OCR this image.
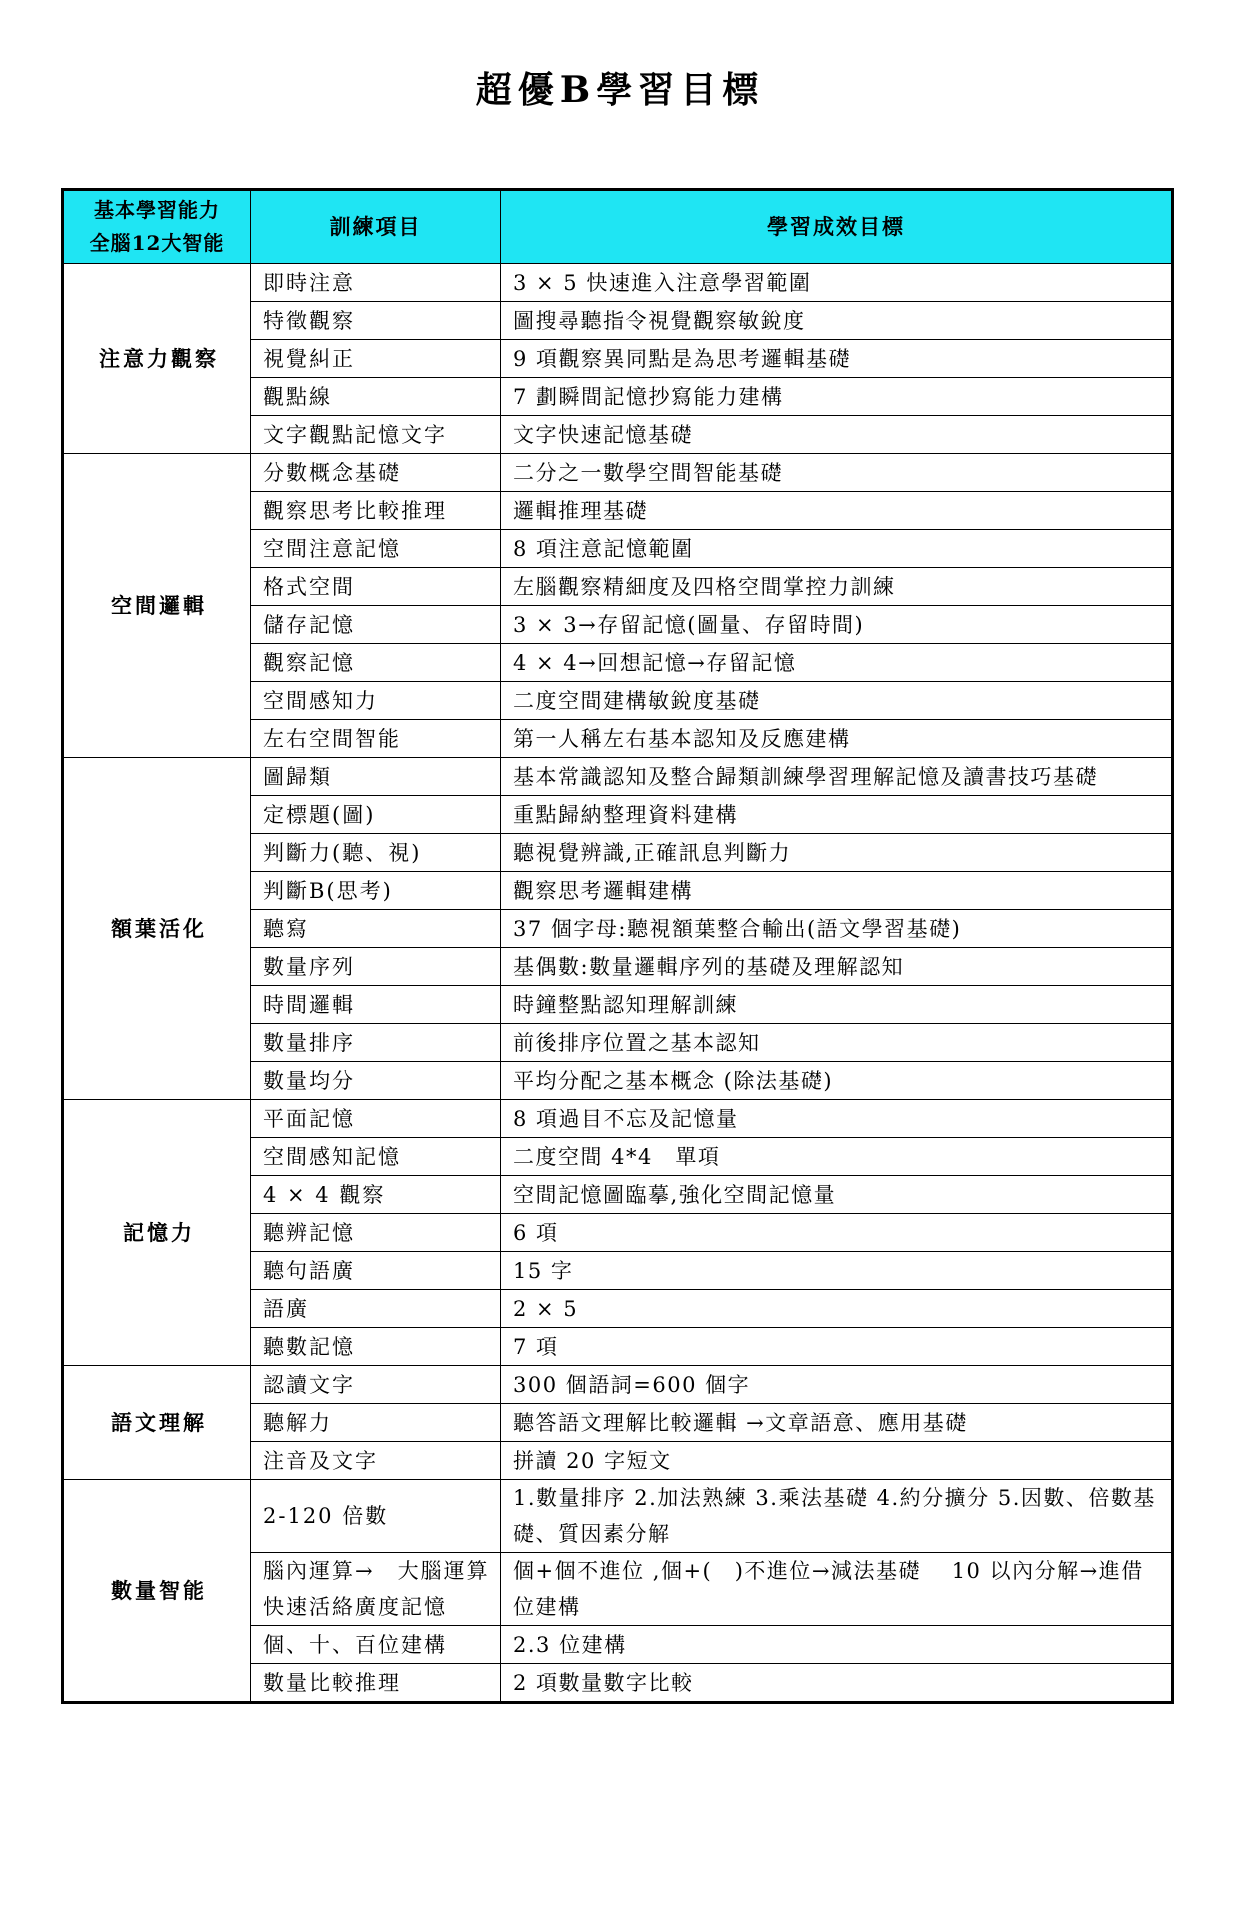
超優B學習目標
基本學習能力
全腦12大智能	訓練項目	學習成效目標
注意力觀察	即時注意	3 × 5 快速進入注意學習範圍
	特徵觀察	圖搜尋聽指令視覺觀察敏銳度
	視覺糾正	9 項觀察異同點是為思考邏輯基礎
	觀點線	7 劃瞬間記憶抄寫能力建構
	文字觀點記憶文字	文字快速記憶基礎
空間邏輯	分數概念基礎	二分之一數學空間智能基礎
	觀察思考比較推理	邏輯推理基礎
	空間注意記憶	8 項注意記憶範圍
	格式空間	左腦觀察精細度及四格空間掌控力訓練
	儲存記憶	3 × 3→存留記憶(圖量、存留時間)
	觀察記憶	4 × 4→回想記憶→存留記憶
	空間感知力	二度空間建構敏銳度基礎
	左右空間智能	第一人稱左右基本認知及反應建構
額葉活化	圖歸類	基本常識認知及整合歸類訓練學習理解記憶及讀書技巧基礎
	定標題(圖)	重點歸納整理資料建構
	判斷力(聽、視)	聽視覺辨識,正確訊息判斷力
	判斷B(思考)	觀察思考邏輯建構
	聽寫	37 個字母:聽視額葉整合輸出(語文學習基礎)
	數量序列	基偶數:數量邏輯序列的基礎及理解認知
	時間邏輯	時鐘整點認知理解訓練
	數量排序	前後排序位置之基本認知
	數量均分	平均分配之基本概念 (除法基礎)
記憶力	平面記憶	8 項過目不忘及記憶量
	空間感知記憶	二度空間 4*4　單項
	4 × 4 觀察	空間記憶圖臨摹,強化空間記憶量
	聽辨記憶	6 項
	聽句語廣	15 字
	語廣	2 × 5
	聽數記憶	7 項
語文理解	認讀文字	300 個語詞=600 個字
	聽解力	聽答語文理解比較邏輯 →文章語意、應用基礎
	注音及文字	拼讀 20 字短文
數量智能	2-120 倍數	1.數量排序 2.加法熟練 3.乘法基礎 4.約分擴分 5.因數、倍數基礎、質因素分解
	腦內運算→　大腦運算快速活絡廣度記憶	個+個不進位 ,個+(　)不進位→減法基礎　 10 以內分解→進借位建構
	個、十、百位建構	2.3 位建構
	數量比較推理	2 項數量數字比較
